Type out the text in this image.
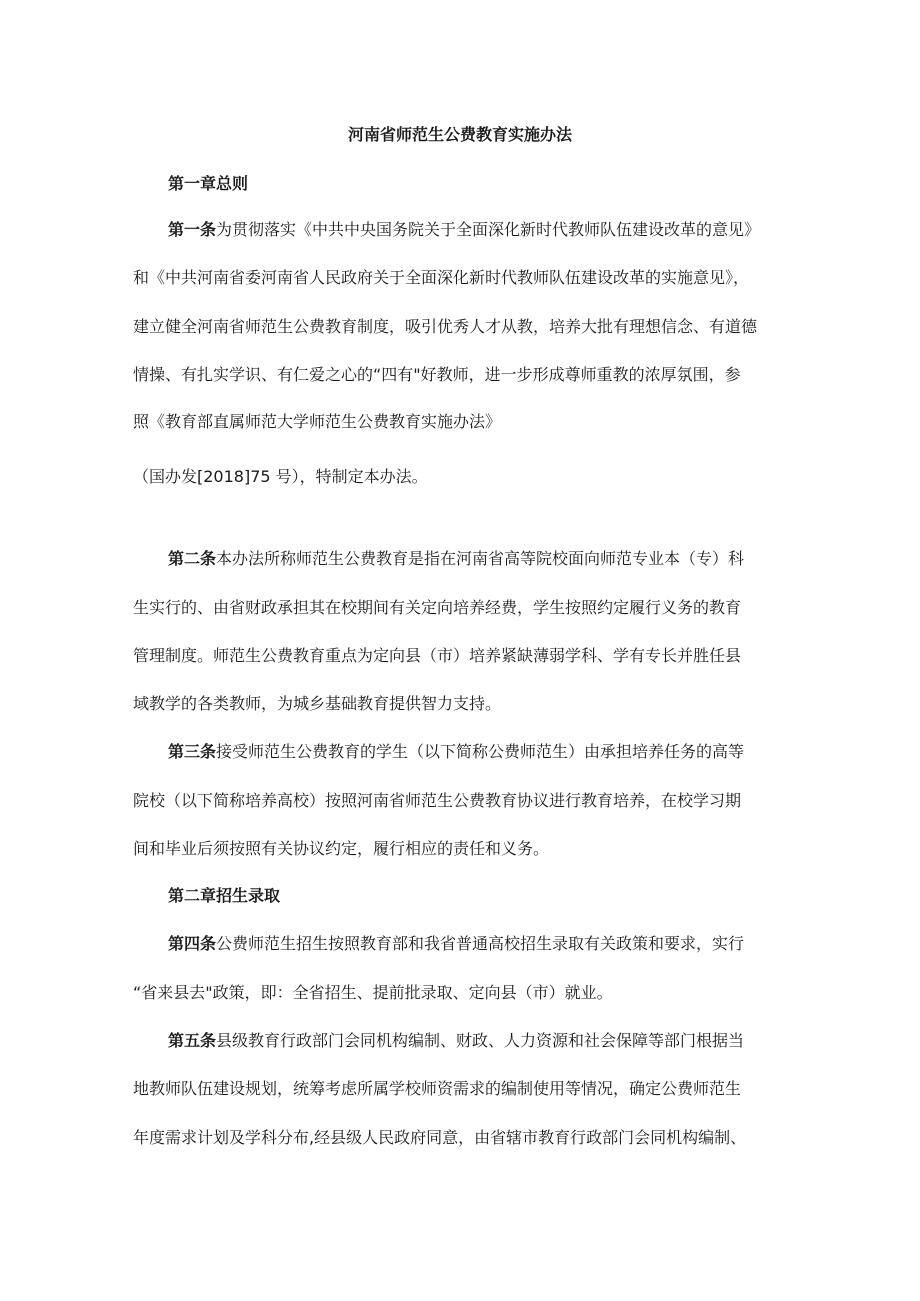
河南省师范生公费教育实施办法
第一章总则
第一条为贯彻落实《中共中央国务院关于全面深化新时代教师队伍建设改革的意见》
和《中共河南省委河南省人民政府关于全面深化新时代教师队伍建设改革的实施意见》，
建立健全河南省师范生公费教育制度，吸引优秀人才从教，培养大批有理想信念、有道德
情操、有扎实学识、有仁爱之心的“四有"好教师，进一步形成尊师重教的浓厚氛围，参
照《教育部直属师范大学师范生公费教育实施办法》
（国办发[2018]75 号），特制定本办法。
第二条本办法所称师范生公费教育是指在河南省高等院校面向师范专业本（专）科
生实行的、由省财政承担其在校期间有关定向培养经费，学生按照约定履行义务的教育
管理制度。师范生公费教育重点为定向县（市）培养紧缺薄弱学科、学有专长并胜任县
域教学的各类教师，为城乡基础教育提供智力支持。
第三条接受师范生公费教育的学生（以下简称公费师范生）由承担培养任务的高等
院校（以下简称培养高校）按照河南省师范生公费教育协议进行教育培养，在校学习期
间和毕业后须按照有关协议约定，履行相应的责任和义务。
第二章招生录取
第四条公费师范生招生按照教育部和我省普通高校招生录取有关政策和要求，实行
“省来县去"政策，即：全省招生、提前批录取、定向县（市）就业。
第五条县级教育行政部门会同机构编制、财政、人力资源和社会保障等部门根据当
地教师队伍建设规划，统筹考虑所属学校师资需求的编制使用等情况，确定公费师范生
年度需求计划及学科分布,经县级人民政府同意，由省辖市教育行政部门会同机构编制、
